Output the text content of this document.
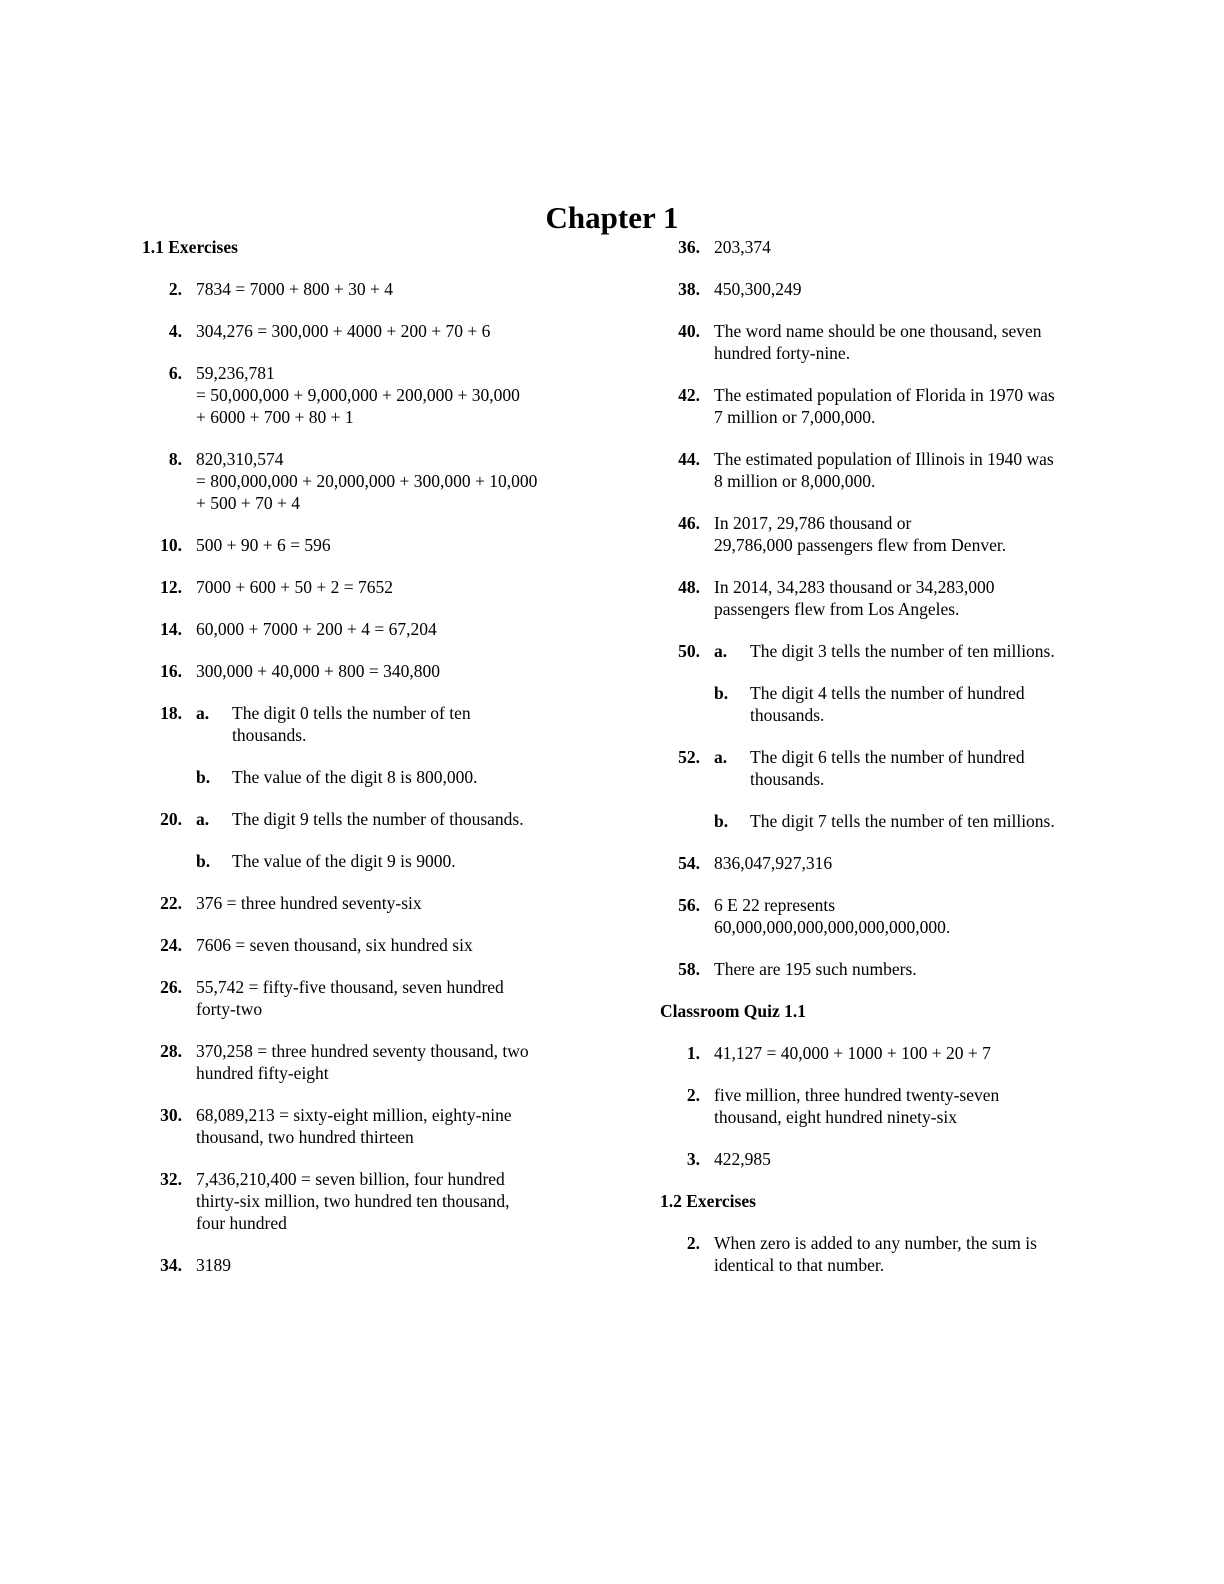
Chapter 1
1.1 Exercises
2. 7834 = 7000 + 800 + 30 + 4
4. 304,276 = 300,000 + 4000 + 200 + 70 + 6
6. 59,236,781
= 50,000,000 + 9,000,000 + 200,000 + 30,000
+ 6000 + 700 + 80 + 1
8. 820,310,574
= 800,000,000 + 20,000,000 + 300,000 + 10,000
+ 500 + 70 + 4
10. 500 + 90 + 6 = 596
12. 7000 + 600 + 50 + 2 = 7652
14. 60,000 + 7000 + 200 + 4 = 67,204
16. 300,000 + 40,000 + 800 = 340,800
18. a.	The digit 0 tells the number of ten
thousands.
b.	The value of the digit 8 is 800,000.
20. a.	The digit 9 tells the number of thousands.
b.	The value of the digit 9 is 9000.
22. 376 = three hundred seventy-six
24. 7606 = seven thousand, six hundred six
26. 55,742 = fifty-five thousand, seven hundred
forty-two
28. 370,258 = three hundred seventy thousand, two
hundred fifty-eight
30. 68,089,213 = sixty-eight million, eighty-nine
thousand, two hundred thirteen
32. 7,436,210,400 = seven billion, four hundred
thirty-six million, two hundred ten thousand,
four hundred
34. 3189
36. 203,374
38. 450,300,249
40. The word name should be one thousand, seven
hundred forty-nine.
42. The estimated population of Florida in 1970 was
7 million or 7,000,000.
44. The estimated population of Illinois in 1940 was
8 million or 8,000,000.
46. In 2017, 29,786 thousand or
29,786,000 passengers flew from Denver.
48. In 2014, 34,283 thousand or 34,283,000
passengers flew from Los Angeles.
50. a.	The digit 3 tells the number of ten millions.
b.	The digit 4 tells the number of hundred
thousands.
52. a.	The digit 6 tells the number of hundred
thousands.
b.	The digit 7 tells the number of ten millions.
54. 836,047,927,316
56. 6 E 22 represents
60,000,000,000,000,000,000,000.
58. There are 195 such numbers.
Classroom Quiz 1.1
1. 41,127 = 40,000 + 1000 + 100 + 20 + 7
2. five million, three hundred twenty-seven
thousand, eight hundred ninety-six
3. 422,985
1.2 Exercises
2. When zero is added to any number, the sum is
identical to that number.
